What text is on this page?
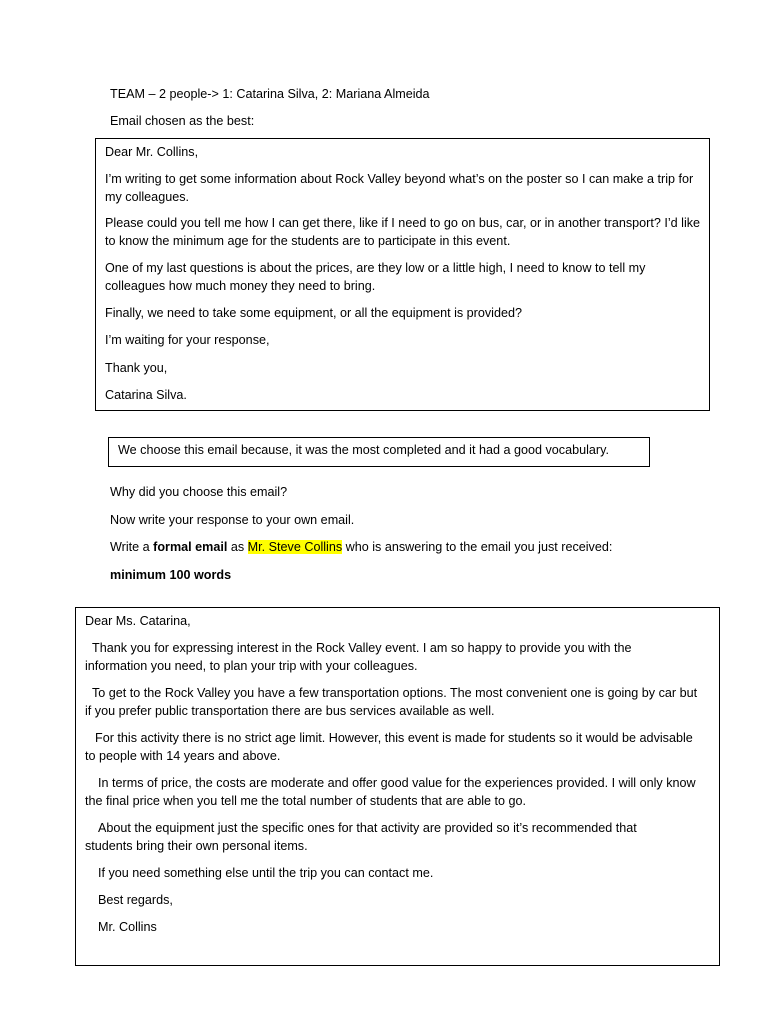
TEAM – 2 people-> 1: Catarina Silva, 2: Mariana Almeida

Email chosen as the best:

Dear Mr. Collins,

I’m writing to get some information about Rock Valley beyond what’s on the poster so I can make a trip for my colleagues.

Please could you tell me how I can get there, like if I need to go on bus, car, or in another transport? I’d like to know the minimum age for the students are to participate in this event.

One of my last questions is about the prices, are they low or a little high, I need to know to tell my colleagues how much money they need to bring.

Finally, we need to take some equipment, or all the equipment is provided?

I’m waiting for your response,

Thank you,

Catarina Silva.

We choose this email because, it was the most completed and it had a good vocabulary.

Why did you choose this email?

Now write your response to your own email.

Write a formal email as Mr. Steve Collins who is answering to the email you just received:

minimum 100 words

Dear Ms. Catarina,

Thank you for expressing interest in the Rock Valley event. I am so happy to provide you with the information you need, to plan your trip with your colleagues.

To get to the Rock Valley you have a few transportation options. The most convenient one is going by car but if you prefer public transportation there are bus services available as well.

For this activity there is no strict age limit. However, this event is made for students so it would be advisable to people with 14 years and above.

In terms of price, the costs are moderate and offer good value for the experiences provided. I will only know the final price when you tell me the total number of students that are able to go.

About the equipment just the specific ones for that activity are provided so it’s recommended that students bring their own personal items.

If you need something else until the trip you can contact me.

Best regards,

Mr. Collins
